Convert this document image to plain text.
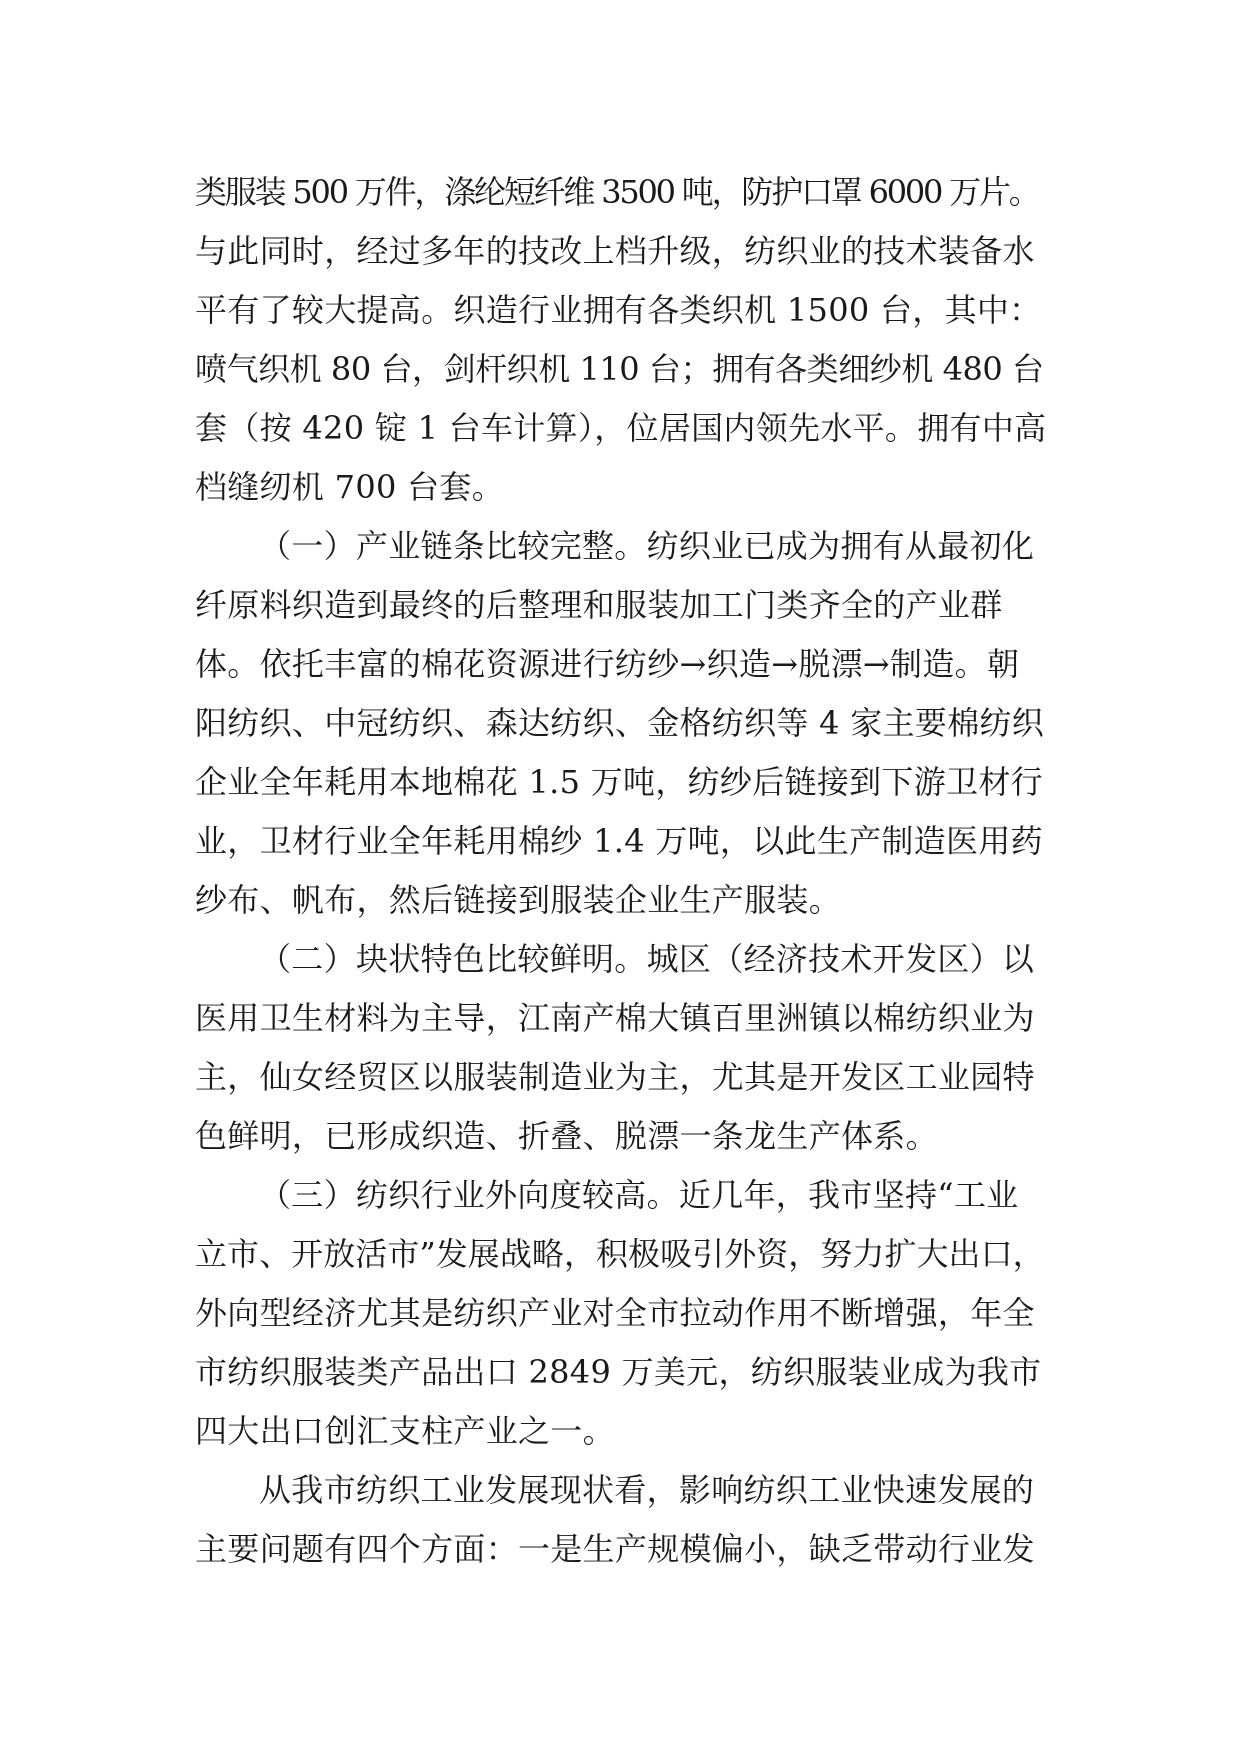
类服装 500 万件，涤纶短纤维 3500 吨，防护口罩 6000 万片。
与此同时，经过多年的技改上档升级，纺织业的技术装备水
平有了较大提高。织造行业拥有各类织机 1500 台，其中：
喷气织机 80 台，剑杆织机 110 台；拥有各类细纱机 480 台
套（按 420 锭 1 台车计算），位居国内领先水平。拥有中高
档缝纫机 700 台套。
（一）产业链条比较完整。纺织业已成为拥有从最初化
纤原料织造到最终的后整理和服装加工门类齐全的产业群
体。依托丰富的棉花资源进行纺纱→织造→脱漂→制造。朝
阳纺织、中冠纺织、森达纺织、金格纺织等 4 家主要棉纺织
企业全年耗用本地棉花 1.5 万吨，纺纱后链接到下游卫材行
业，卫材行业全年耗用棉纱 1.4 万吨，以此生产制造医用药
纱布、帆布，然后链接到服装企业生产服装。
（二）块状特色比较鲜明。城区（经济技术开发区）以
医用卫生材料为主导，江南产棉大镇百里洲镇以棉纺织业为
主，仙女经贸区以服装制造业为主，尤其是开发区工业园特
色鲜明，已形成织造、折叠、脱漂一条龙生产体系。
（三）纺织行业外向度较高。近几年，我市坚持“工业
立市、开放活市”发展战略，积极吸引外资，努力扩大出口，
外向型经济尤其是纺织产业对全市拉动作用不断增强，年全
市纺织服装类产品出口 2849 万美元，纺织服装业成为我市
四大出口创汇支柱产业之一。
从我市纺织工业发展现状看，影响纺织工业快速发展的
主要问题有四个方面：一是生产规模偏小，缺乏带动行业发
